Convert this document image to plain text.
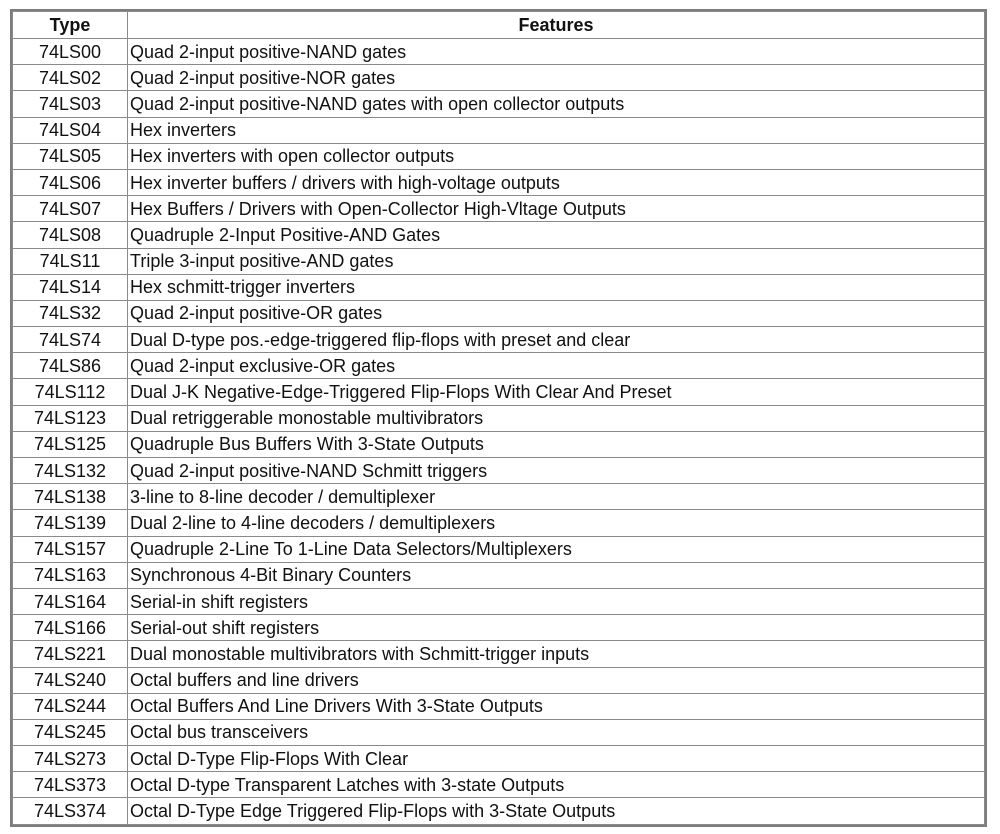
Type	Features
74LS00	Quad 2-input positive-NAND gates
74LS02	Quad 2-input positive-NOR gates
74LS03	Quad 2-input positive-NAND gates with open collector outputs
74LS04	Hex inverters
74LS05	Hex inverters with open collector outputs
74LS06	Hex inverter buffers / drivers with high-voltage outputs
74LS07	Hex Buffers / Drivers with Open-Collector High-Vltage Outputs
74LS08	Quadruple 2-Input Positive-AND Gates
74LS11	Triple 3-input positive-AND gates
74LS14	Hex schmitt-trigger inverters
74LS32	Quad 2-input positive-OR gates
74LS74	Dual D-type pos.-edge-triggered flip-flops with preset and clear
74LS86	Quad 2-input exclusive-OR gates
74LS112	Dual J-K Negative-Edge-Triggered Flip-Flops With Clear And Preset
74LS123	Dual retriggerable monostable multivibrators
74LS125	Quadruple Bus Buffers With 3-State Outputs
74LS132	Quad 2-input positive-NAND Schmitt triggers
74LS138	3-line to 8-line decoder / demultiplexer
74LS139	Dual 2-line to 4-line decoders / demultiplexers
74LS157	Quadruple 2-Line To 1-Line Data Selectors/Multiplexers
74LS163	Synchronous 4-Bit Binary Counters
74LS164	Serial-in shift registers
74LS166	Serial-out shift registers
74LS221	Dual monostable multivibrators with Schmitt-trigger inputs
74LS240	Octal buffers and line drivers
74LS244	Octal Buffers And Line Drivers With 3-State Outputs
74LS245	Octal bus transceivers
74LS273	Octal D-Type Flip-Flops With Clear
74LS373	Octal D-type Transparent Latches with 3-state Outputs
74LS374	Octal D-Type Edge Triggered Flip-Flops with 3-State Outputs
